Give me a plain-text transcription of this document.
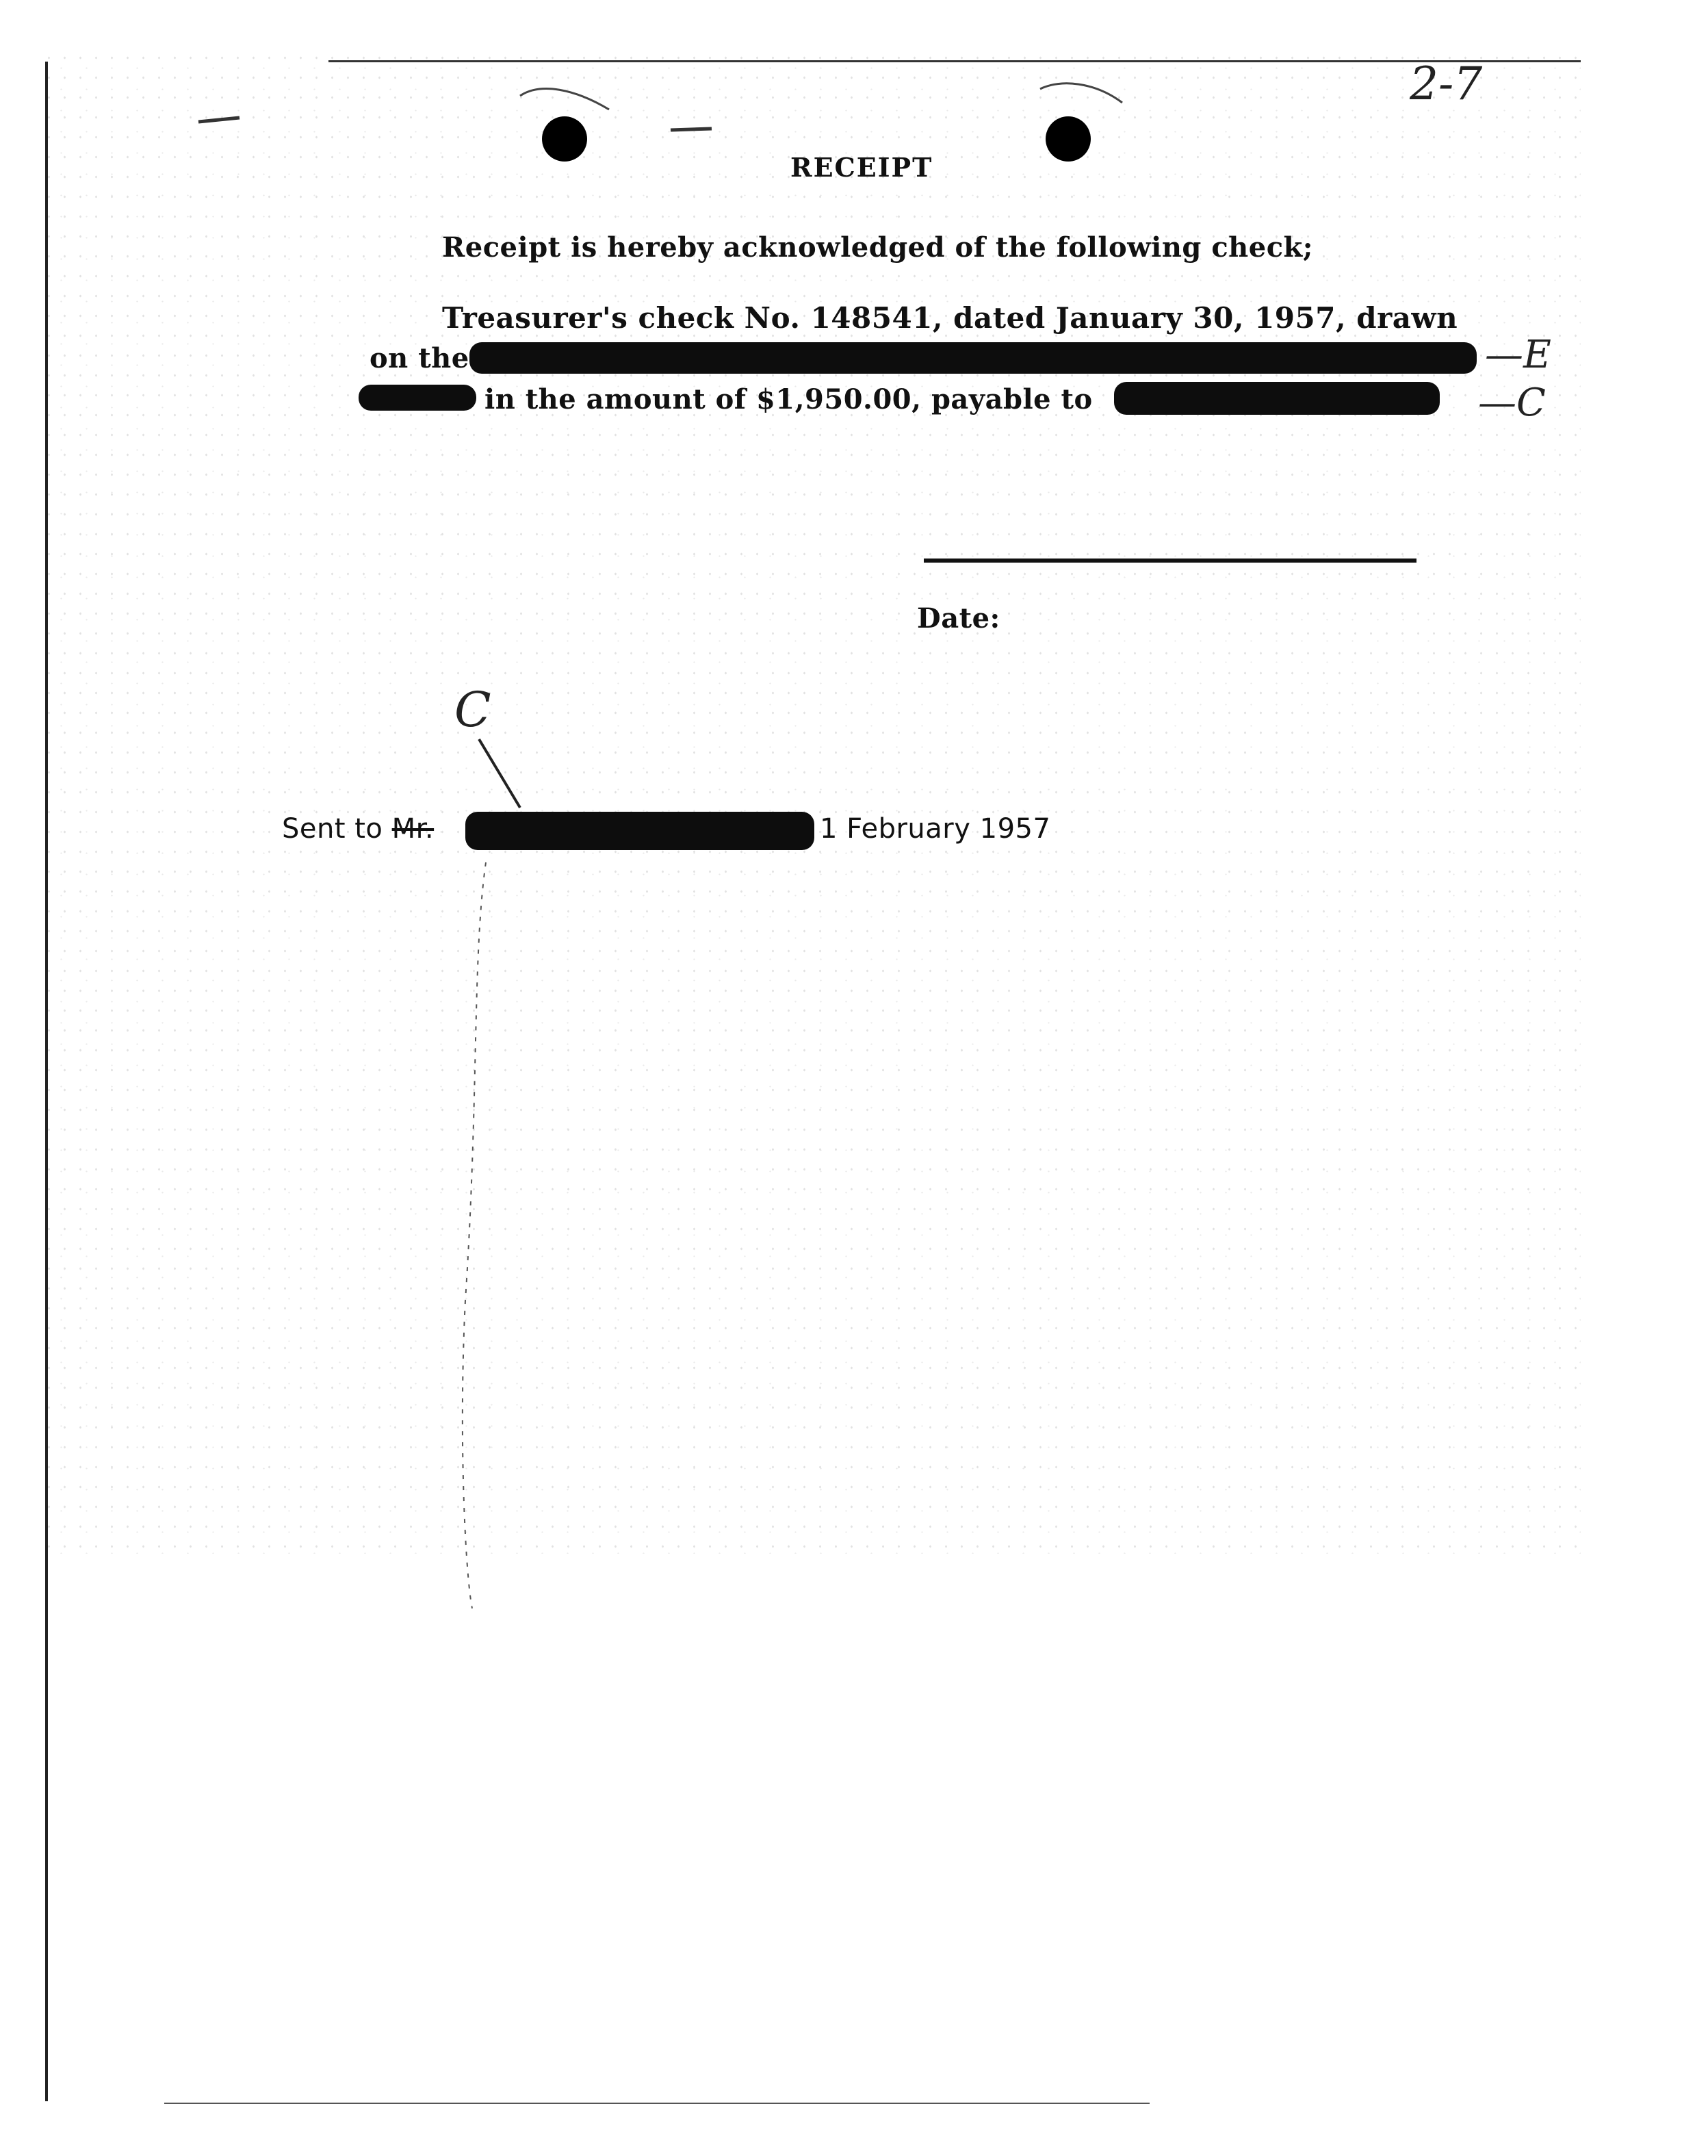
RECEIPT
Receipt is hereby acknowledged of the following check;
Treasurer's check No. 148541, dated January 30, 1957, drawn
on the
in the amount of $1,950.00, payable to
Date:
Sent to Mr.	1 February 1957
2-7
—E
—C
C
